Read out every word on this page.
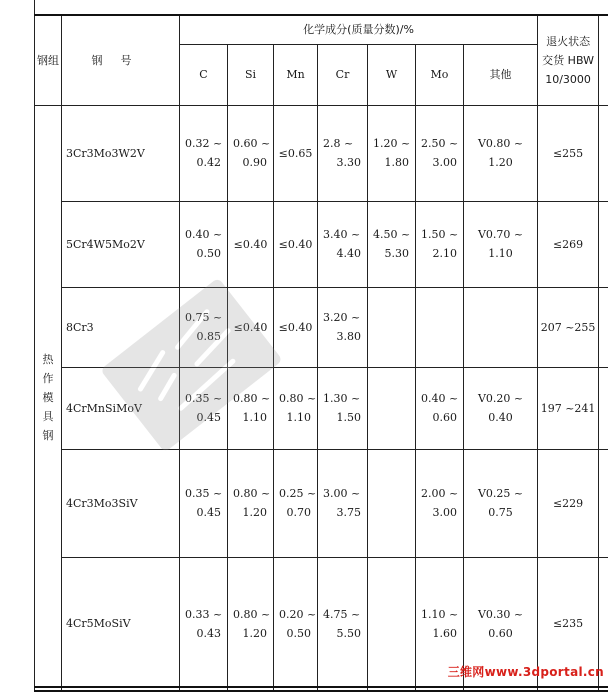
钢组	钢号	化学成分(质量分数)/%							退火状态
交货 HBW
10/3000	

		C	Si	Mn	Cr	W	Mo	其他		

热
作
模
具
钢	3Cr3Mo3W2V	0.32 ~
0.42	0.60 ~
0.90	≤0.65	2.8 ~
3.30	1.20 ~
1.80	2.50 ~
3.00	V0.80 ~ 1.20	≤255	
	5Cr4W5Mo2V	0.40 ~
0.50	≤0.40	≤0.40	3.40 ~
4.40	4.50 ~
5.30	1.50 ~
2.10	V0.70 ~ 1.10	≤269	
	8Cr3	0.75 ~
0.85	≤0.40	≤0.40	3.20 ~
3.80				207 ~255	
	4CrMnSiMoV	0.35 ~
0.45	0.80 ~
1.10	0.80 ~
1.10	1.30 ~
1.50		0.40 ~
0.60	V0.20 ~ 0.40	197 ~241	
	4Cr3Mo3SiV	0.35 ~
0.45	0.80 ~
1.20	0.25 ~
0.70	3.00 ~
3.75		2.00 ~
3.00	V0.25 ~ 0.75	≤229	
	4Cr5MoSiV	0.33 ~
0.43	0.80 ~
1.20	0.20 ~
0.50	4.75 ~
5.50		1.10 ~
1.60	V0.30 ~ 0.60	≤235	
三维网www.3dportal.cn
